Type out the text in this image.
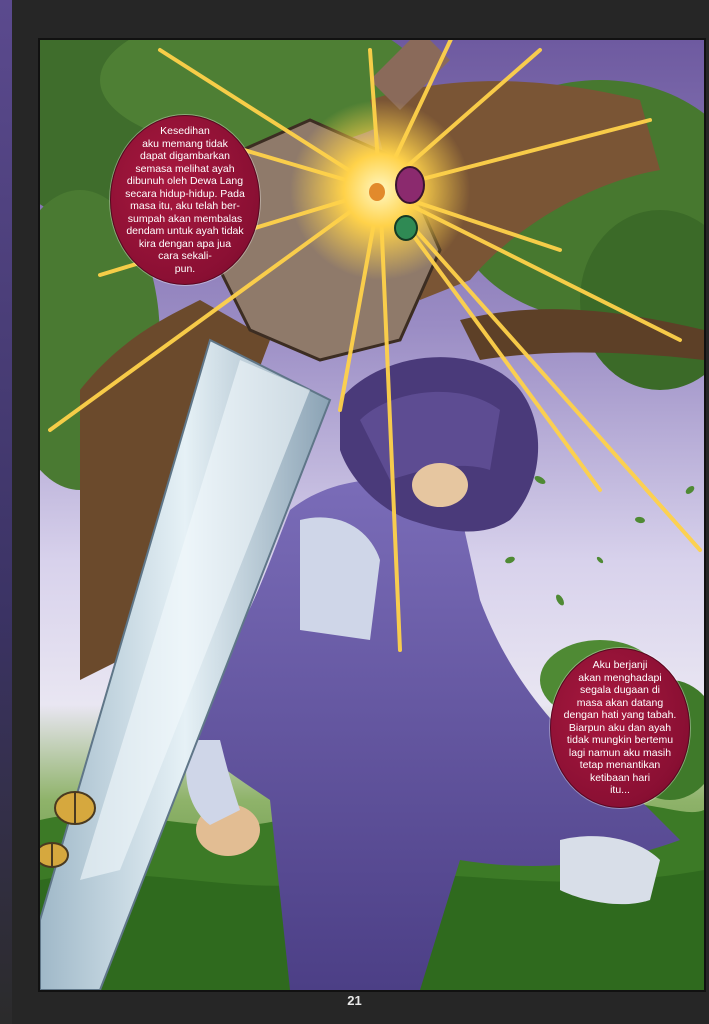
Kesedihan
aku memang tidak
dapat digambarkan
semasa melihat ayah
dibunuh oleh Dewa Lang
secara hidup-hidup. Pada
masa itu, aku telah ber-
sumpah akan membalas
dendam untuk ayah tidak
kira dengan apa jua
cara sekali-
pun.
Aku berjanji
akan menghadapi
segala dugaan di
masa akan datang
dengan hati yang tabah.
Biarpun aku dan ayah
tidak mungkin bertemu
lagi namun aku masih
tetap menantikan
ketibaan hari
itu...
21
